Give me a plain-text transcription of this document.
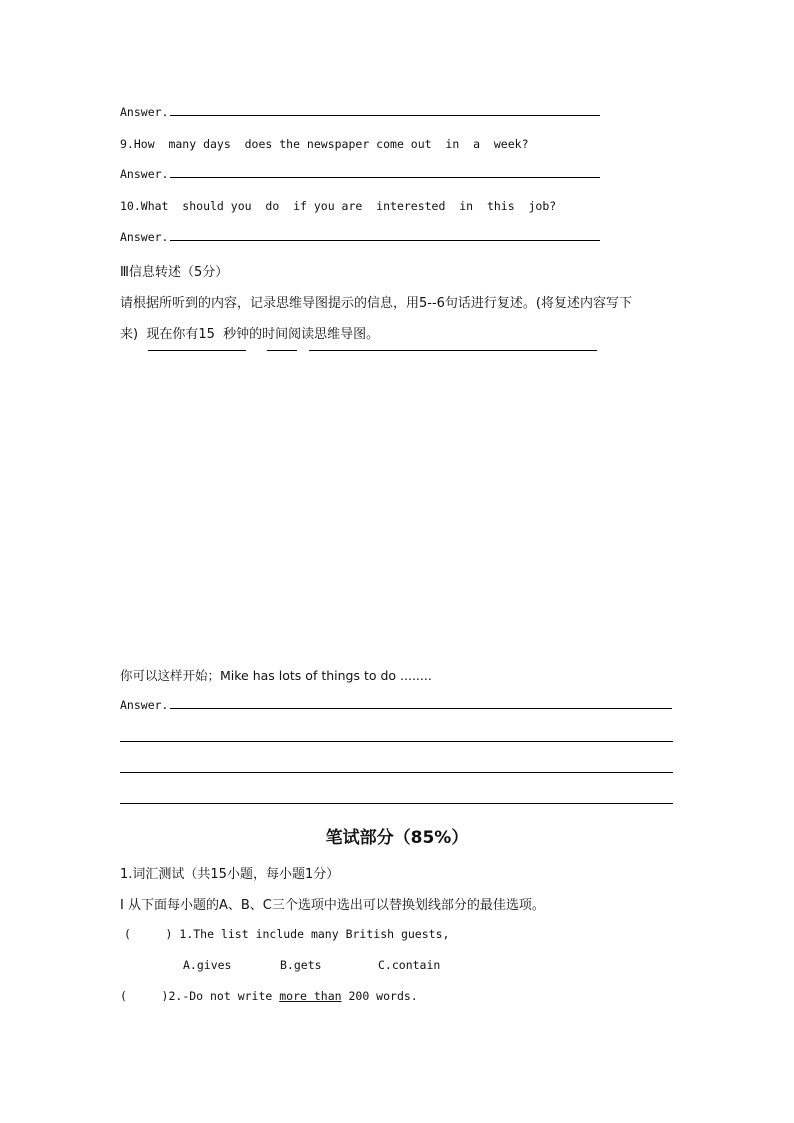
Answer.
9.How  many days  does the newspaper come out  in  a  week?
Answer.
10.What  should you  do  if you are  interested  in  this  job?
Answer.
Ⅲ信息转述（5分）
请根据所听到的内容，记录思维导图提示的信息，用5--6句话进行复述。(将复述内容写下
来)  现在你有15  秒钟的时间阅读思维导图。
你可以这样开始；Mike has lots of things to do ........
Answer.
笔试部分（85%）
1.词汇测试（共15小题，每小题1分）
I 从下面每小题的A、B、C三个选项中选出可以替换划线部分的最佳选项。
(     ) 1.The list include many British guests,
A.gives	B.gets	C.contain
(     )2.-Do not write more than 200 words.
